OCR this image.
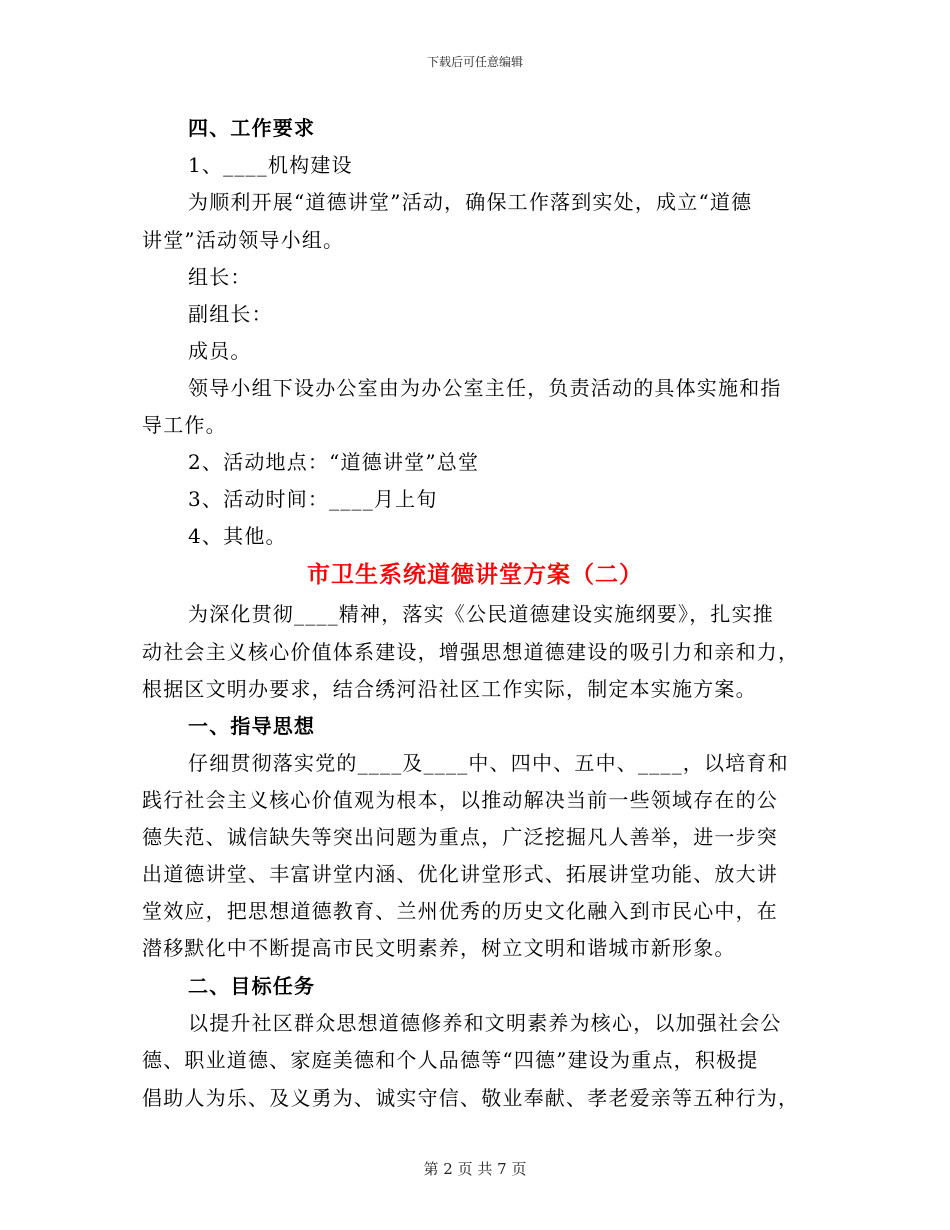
下载后可任意编辑
四、工作要求
1、____机构建设
为顺利开展“道德讲堂”活动，确保工作落到实处，成立“道德
讲堂”活动领导小组。
组长：
副组长：
成员。
领导小组下设办公室由为办公室主任，负责活动的具体实施和指
导工作。
2、活动地点：“道德讲堂”总堂
3、活动时间：____月上旬
4、其他。
市卫生系统道德讲堂方案（二）
为深化贯彻____精神，落实《公民道德建设实施纲要》，扎实推
动社会主义核心价值体系建设，增强思想道德建设的吸引力和亲和力，
根据区文明办要求，结合绣河沿社区工作实际，制定本实施方案。
一、指导思想
仔细贯彻落实党的____及____中、四中、五中、____，以培育和
践行社会主义核心价值观为根本，以推动解决当前一些领域存在的公
德失范、诚信缺失等突出问题为重点，广泛挖掘凡人善举，进一步突
出道德讲堂、丰富讲堂内涵、优化讲堂形式、拓展讲堂功能、放大讲
堂效应，把思想道德教育、兰州优秀的历史文化融入到市民心中，在
潜移默化中不断提高市民文明素养，树立文明和谐城市新形象。
二、目标任务
以提升社区群众思想道德修养和文明素养为核心，以加强社会公
德、职业道德、家庭美德和个人品德等“四德”建设为重点，积极提
倡助人为乐、及义勇为、诚实守信、敬业奉献、孝老爱亲等五种行为，
第 2 页 共 7 页
